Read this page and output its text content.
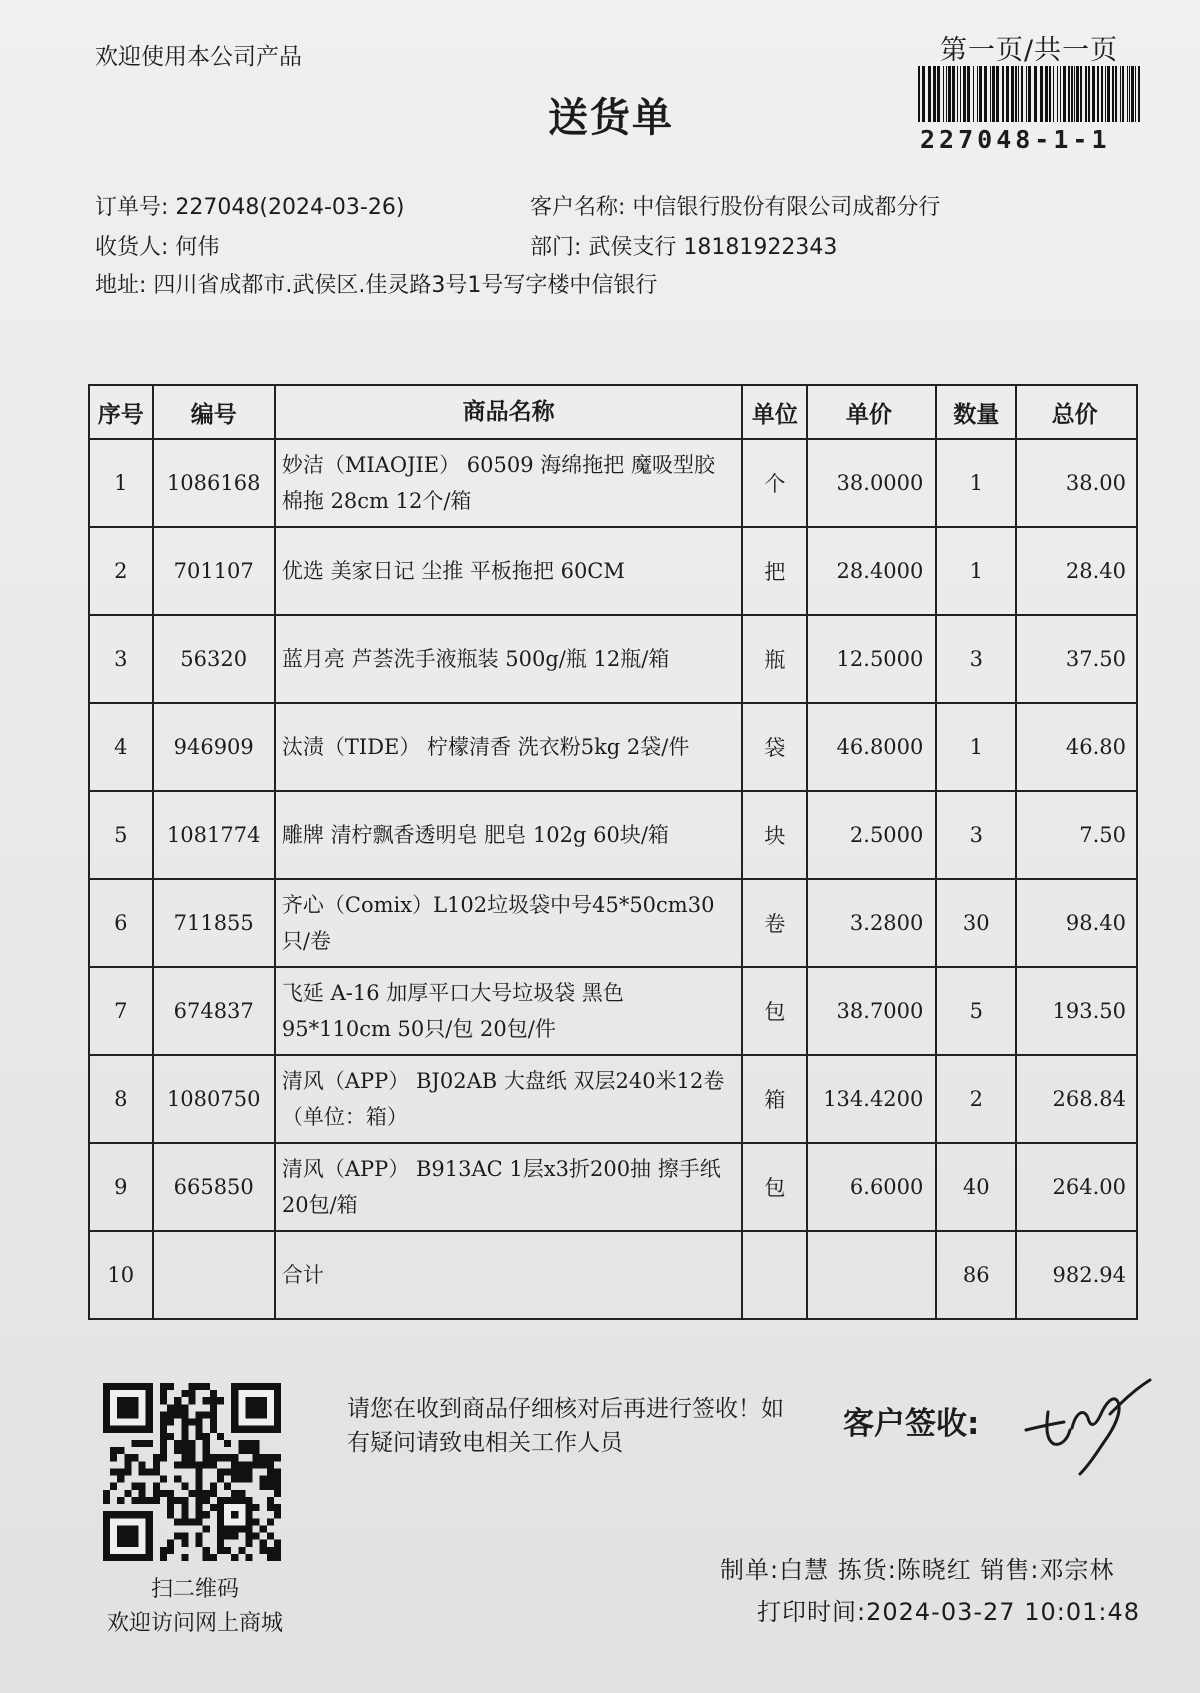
欢迎使用本公司产品	第一页/共一页
227048-1-1
送货单
订单号: 227048(2024-03-26)	客户名称: 中信银行股份有限公司成都分行
收货人: 何伟	部门: 武侯支行 18181922343
地址: 四川省成都市.武侯区.佳灵路3号1号写字楼中信银行
序号	编号	商品名称	单位	单价	数量	总价
1	1086168	妙洁（MIAOJIE） 60509 海绵拖把 魔吸型胶棉拖 28cm 12个/箱	个	38.0000	1	38.00
2	701107	优选 美家日记 尘推 平板拖把 60CM	把	28.4000	1	28.40
3	56320	蓝月亮 芦荟洗手液瓶装 500g/瓶 12瓶/箱	瓶	12.5000	3	37.50
4	946909	汰渍（TIDE） 柠檬清香 洗衣粉5kg 2袋/件	袋	46.8000	1	46.80
5	1081774	雕牌 清柠飘香透明皂 肥皂 102g 60块/箱	块	2.5000	3	7.50
6	711855	齐心（Comix）L102垃圾袋中号45*50cm30只/卷	卷	3.2800	30	98.40
7	674837	飞延 A-16 加厚平口大号垃圾袋 黑色 95*110cm 50只/包 20包/件	包	38.7000	5	193.50
8	1080750	清风（APP） BJ02AB 大盘纸 双层240米12卷（单位：箱）	箱	134.4200	2	268.84
9	665850	清风（APP） B913AC 1层x3折200抽 擦手纸 20包/箱	包	6.6000	40	264.00
10		合计			86	982.94
扫二维码
欢迎访问网上商城
请您在收到商品仔细核对后再进行签收！如有疑问请致电相关工作人员
客户签收:
制单:白慧 拣货:陈晓红 销售:邓宗林
打印时间:2024-03-27 10:01:48
